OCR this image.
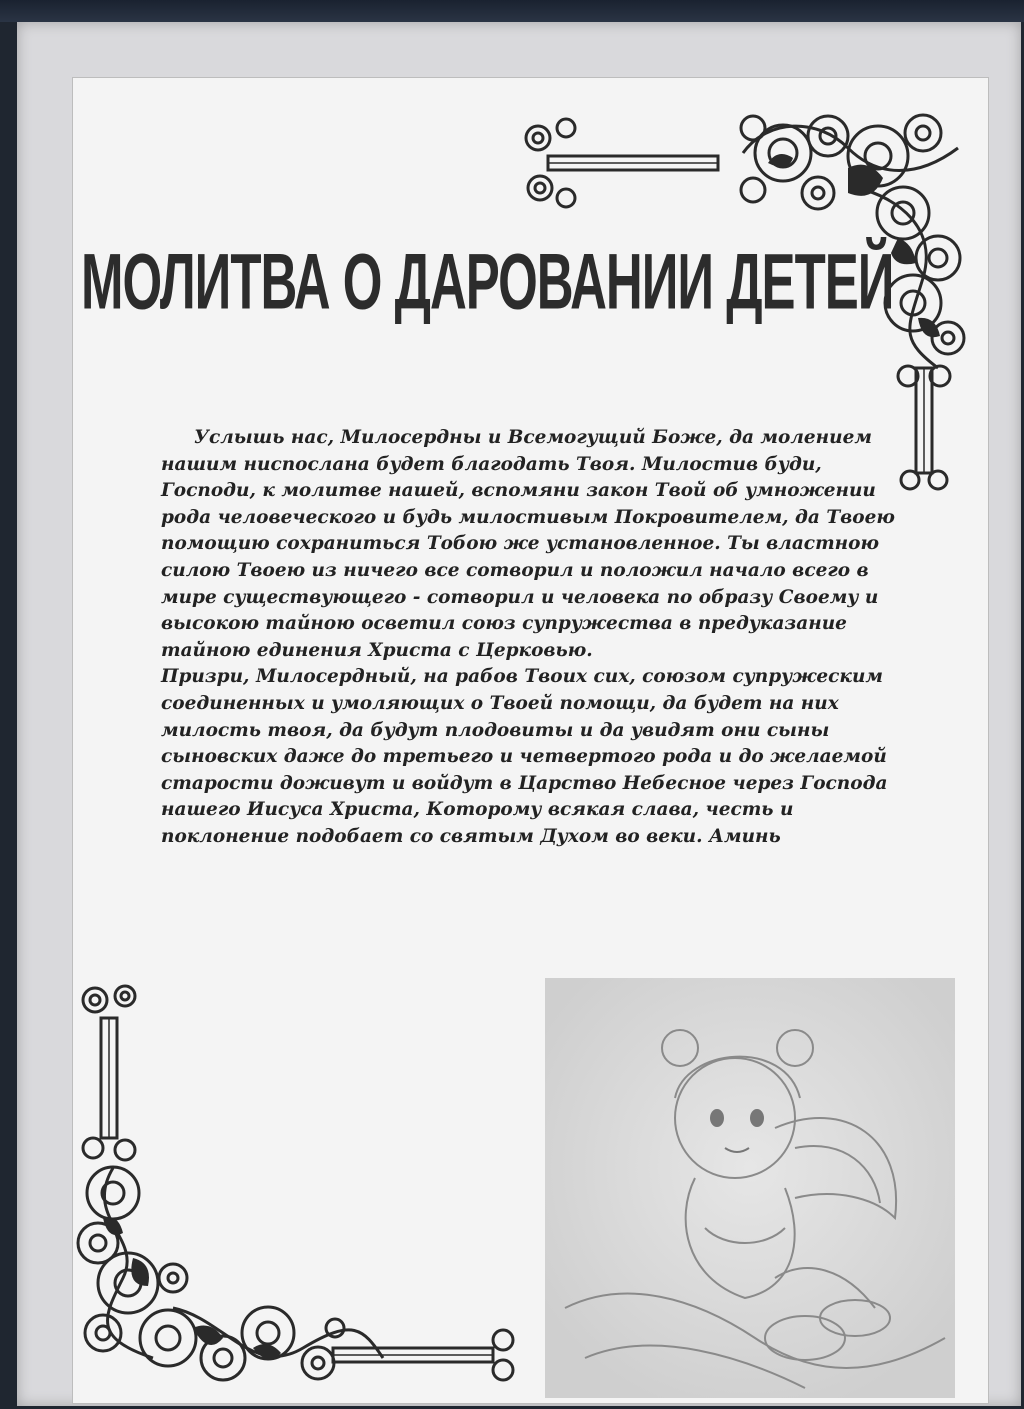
МОЛИТВА О ДАРОВАНИИ ДЕТЕЙ

Услышь нас, Милосердны и Всемогущий Боже, да молением нашим ниспослана будет благодать Твоя. Милостив буди, Господи, к молитве нашей, вспомяни закон Твой об умножении рода человеческого и будь милостивым Покровителем, да Твоею помощию сохраниться Тобою же установленное. Ты властною силою Твоею из ничего все сотворил и положил начало всего в мире существующего - сотворил и человека по образу Своему и высокою тайною осветил союз супружества в предуказание тайною единения Христа с Церковью.

Призри, Милосердный, на рабов Твоих сих, союзом супружеским соединенных и умоляющих о Твоей помощи, да будет на них милость твоя, да будут плодовиты и да увидят они сыны сыновских даже до третьего и четвертого рода и до желаемой старости доживут и войдут в Царство Небесное через Господа нашего Иисуса Христа, Которому всякая слава, честь и поклонение подобает со святым Духом во веки. Аминь
